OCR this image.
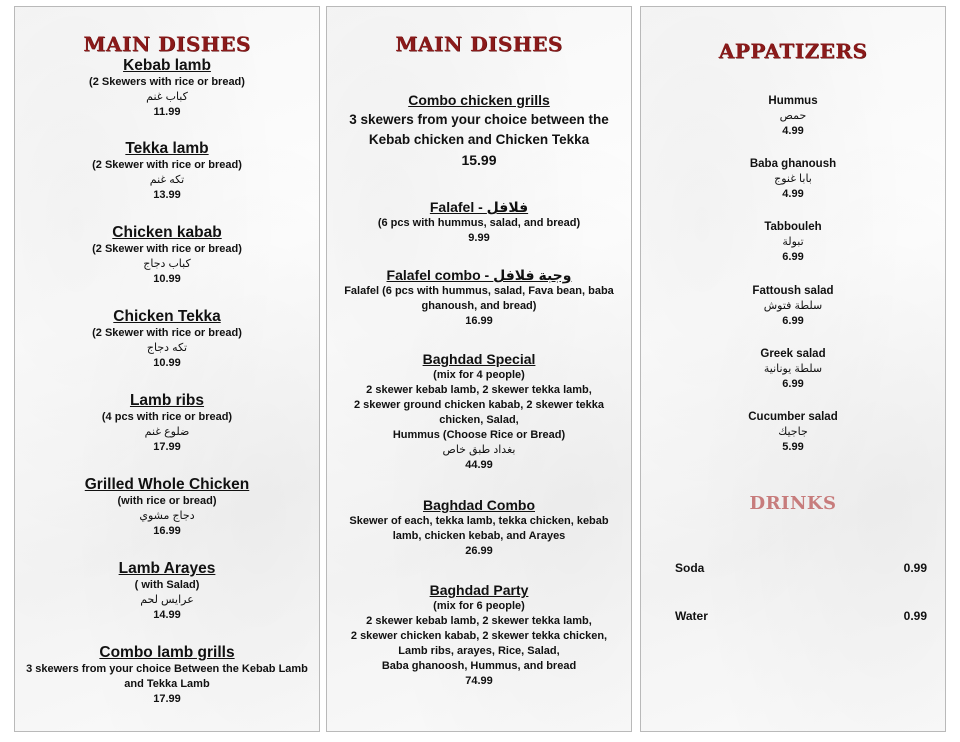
MAIN DISHES
Kebab lamb
(2 Skewers with rice or bread)
كباب غنم
11.99
Tekka lamb
(2 Skewer with rice or bread)
تكه غنم
13.99
Chicken kabab
(2 Skewer with rice or bread)
كباب دجاج
10.99
Chicken Tekka
(2 Skewer with rice or bread)
تكه دجاج
10.99
Lamb ribs
(4 pcs with rice or bread)
ضلوع غنم
17.99
Grilled Whole Chicken
(with rice or bread)
دجاج مشوي
16.99
Lamb Arayes
( with Salad)
عرايس لحم
14.99
Combo lamb grills
3 skewers from your choice Between the Kebab Lamb
and Tekka Lamb
17.99
MAIN DISHES
Combo chicken grills
3 skewers from your choice between the
Kebab chicken and Chicken Tekka
15.99
Falafel - فلافل
(6 pcs with hummus, salad, and bread)
9.99
Falafel combo - وجبة فلافل
Falafel (6 pcs with hummus, salad, Fava bean, baba
ghanoush, and bread)
16.99
Baghdad Special
(mix for 4 people)
2 skewer kebab lamb, 2 skewer tekka lamb,
2 skewer ground chicken kabab, 2 skewer tekka
chicken, Salad,
Hummus (Choose Rice or Bread)
بغداد طبق خاص
44.99
Baghdad Combo
Skewer of each, tekka lamb, tekka chicken, kebab
lamb, chicken kebab, and Arayes
26.99
Baghdad Party
(mix for 6 people)
2 skewer kebab lamb, 2 skewer tekka lamb,
2 skewer chicken kabab, 2 skewer tekka chicken,
Lamb ribs, arayes, Rice, Salad,
Baba ghanoosh, Hummus, and bread
74.99
APPATIZERS
Hummus
حمص
4.99
Baba ghanoush
بابا غنوج
4.99
Tabbouleh
تبولة
6.99
Fattoush salad
سلطة فتوش
6.99
Greek salad
سلطة يونانية
6.99
Cucumber salad
جاجيك
5.99
DRINKS
Soda	0.99
Water	0.99
